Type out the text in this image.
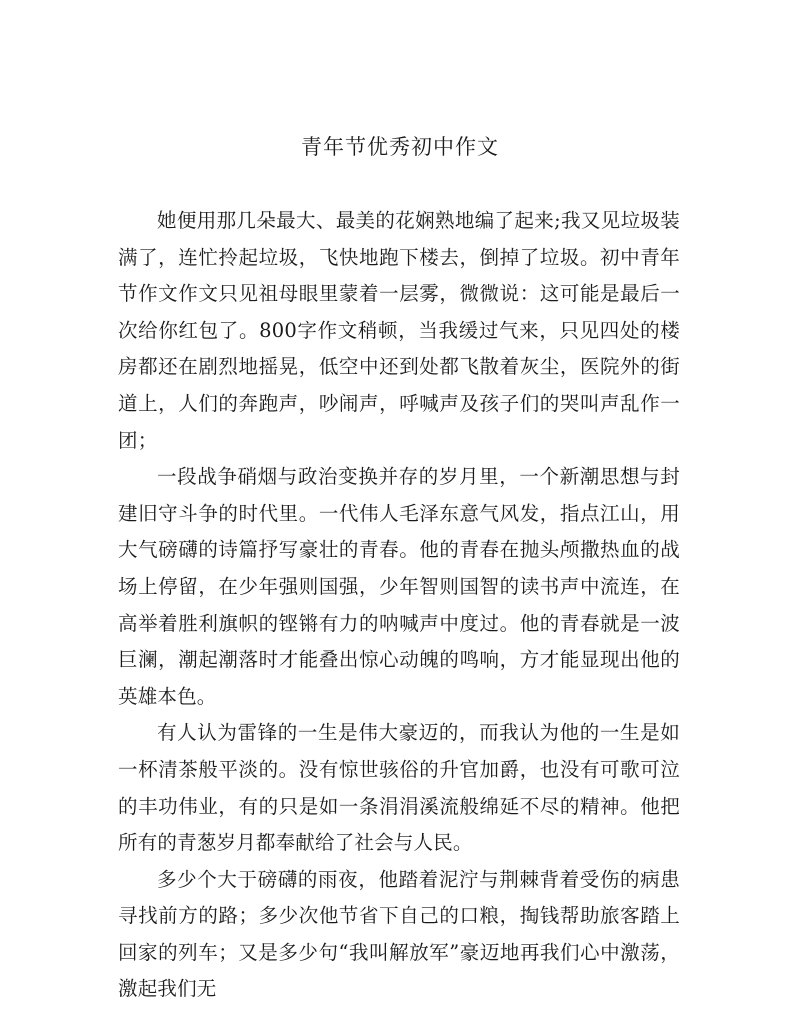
青年节优秀初中作文

她便用那几朵最大、最美的花娴熟地编了起来;我又见垃圾装满了，连忙拎起垃圾，飞快地跑下楼去，倒掉了垃圾。初中青年节作文作文只见祖母眼里蒙着一层雾，微微说：这可能是最后一次给你红包了。800字作文稍顿，当我缓过气来，只见四处的楼房都还在剧烈地摇晃，低空中还到处都飞散着灰尘，医院外的街道上，人们的奔跑声，吵闹声，呼喊声及孩子们的哭叫声乱作一团；

一段战争硝烟与政治变换并存的岁月里，一个新潮思想与封建旧守斗争的时代里。一代伟人毛泽东意气风发，指点江山，用大气磅礴的诗篇抒写豪壮的青春。他的青春在抛头颅撒热血的战场上停留，在少年强则国强，少年智则国智的读书声中流连，在高举着胜利旗帜的铿锵有力的呐喊声中度过。他的青春就是一波巨澜，潮起潮落时才能叠出惊心动魄的鸣响，方才能显现出他的英雄本色。

有人认为雷锋的一生是伟大豪迈的，而我认为他的一生是如一杯清茶般平淡的。没有惊世骇俗的升官加爵，也没有可歌可泣的丰功伟业，有的只是如一条涓涓溪流般绵延不尽的精神。他把所有的青葱岁月都奉献给了社会与人民。

多少个大于磅礴的雨夜，他踏着泥泞与荆棘背着受伤的病患寻找前方的路；多少次他节省下自己的口粮，掏钱帮助旅客踏上回家的列车；又是多少句“我叫解放军”豪迈地再我们心中激荡，激起我们无
